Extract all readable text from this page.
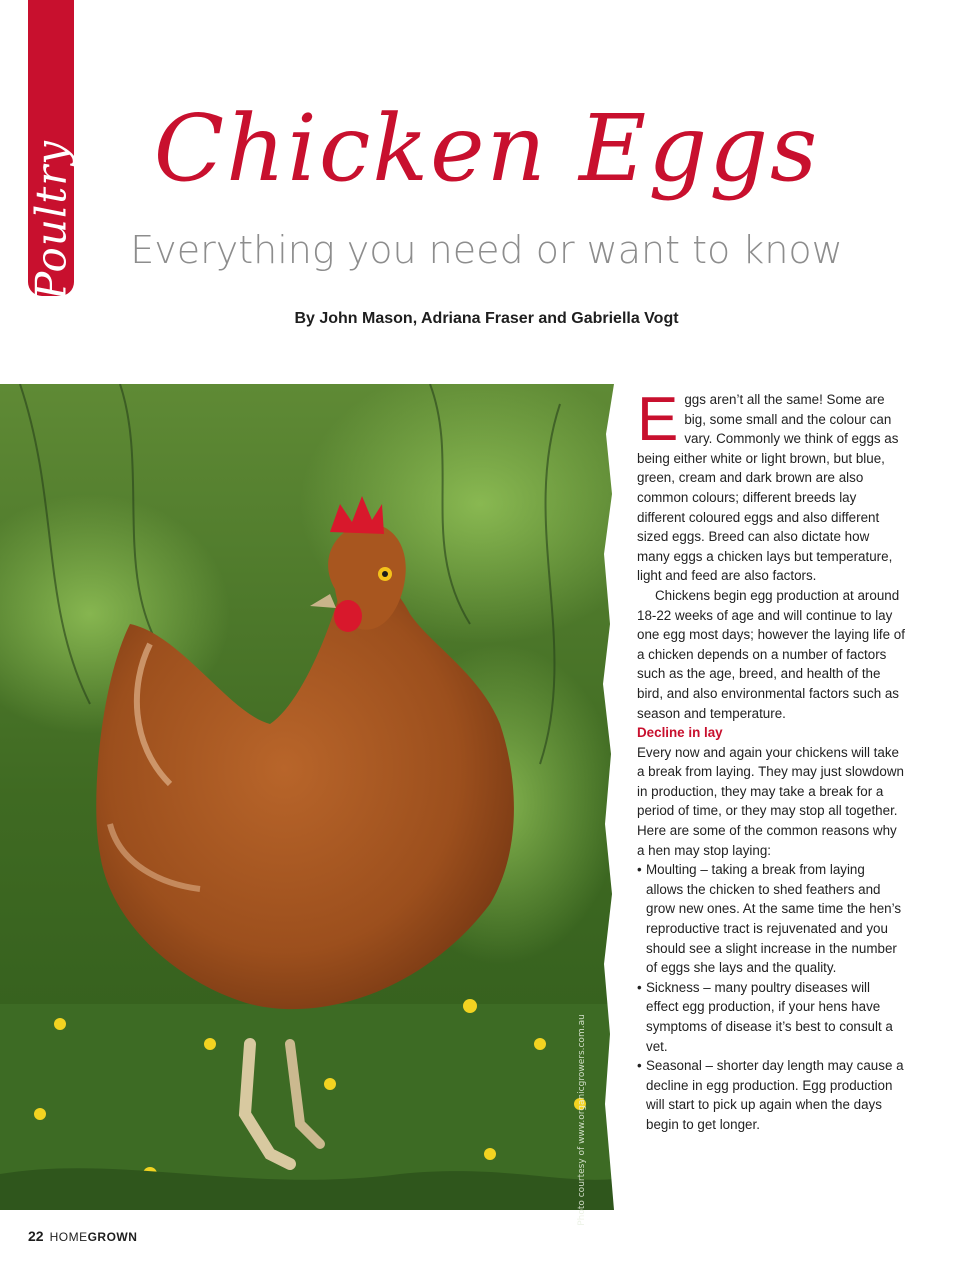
Poultry Chicken Eggs
Everything you need or want to know
By John Mason, Adriana Fraser and Gabriella Vogt
Photo courtesy of www.organicgrowers.com.au

Eggs aren’t all the same! Some are big, some small and the colour can vary. Commonly we think of eggs as being either white or light brown, but blue, green, cream and dark brown are also common colours; different breeds lay different coloured eggs and also different sized eggs. Breed can also dictate how many eggs a chicken lays but temperature, light and feed are also factors.

Chickens begin egg production at around 18-22 weeks of age and will continue to lay one egg most days; however the laying life of a chicken depends on a number of factors such as the age, breed, and health of the bird, and also environmental factors such as season and temperature.

Decline in lay

Every now and again your chickens will take a break from laying. They may just slowdown in production, they may take a break for a period of time, or they may stop all together. Here are some of the common reasons why a hen may stop laying:

• Moulting – taking a break from laying allows the chicken to shed feathers and grow new ones. At the same time the hen’s reproductive tract is rejuvenated and you should see a slight increase in the number of eggs she lays and the quality.
• Sickness – many poultry diseases will effect egg production, if your hens have symptoms of disease it’s best to consult a vet.
• Seasonal – shorter day length may cause a decline in egg production. Egg production will start to pick up again when the days begin to get longer.
22 HOMEGROWN
